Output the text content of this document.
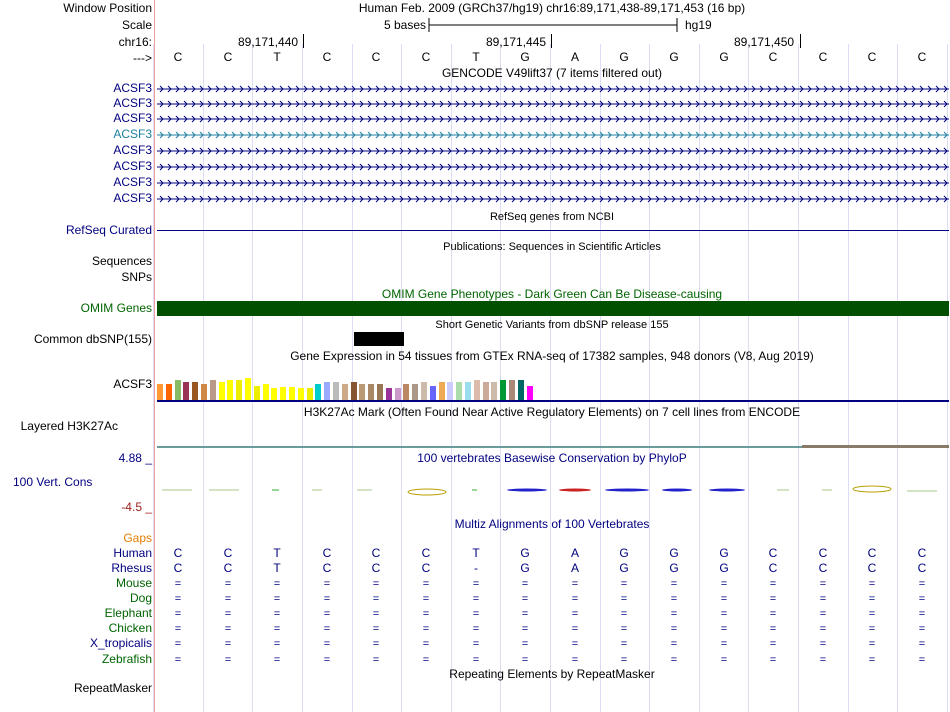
Window Position	Human Feb. 2009 (GRCh37/hg19) chr16:89,171,438-89,171,453 (16 bp)
Scale	5 bases	hg19
chr16:	89,171,440	89,171,445	89,171,450
--->	C	C	T	C	C	C	T	G	A	G	G	G	C	C	C	C
GENCODE V49lift37 (7 items filtered out)
ACSF3
ACSF3
ACSF3
ACSF3
ACSF3
ACSF3
ACSF3
ACSF3
RefSeq genes from NCBI
RefSeq Curated
Publications: Sequences in Scientific Articles
Sequences
SNPs
OMIM Gene Phenotypes - Dark Green Can Be Disease-causing
OMIM Genes
Short Genetic Variants from dbSNP release 155
Common dbSNP(155)
Gene Expression in 54 tissues from GTEx RNA-seq of 17382 samples, 948 donors (V8, Aug 2019)
ACSF3
H3K27Ac Mark (Often Found Near Active Regulatory Elements) on 7 cell lines from ENCODE
Layered H3K27Ac
4.88 _	100 vertebrates Basewise Conservation by PhyloP
100 Vert. Cons
-4.5 _
Multiz Alignments of 100 Vertebrates
Gaps
Human	C	C	T	C	C	C	T	G	A	G	G	G	C	C	C	C
Rhesus	C	C	T	C	C	C	-	G	A	G	G	G	C	C	C	C
Mouse	=	=	=	=	=	=	=	=	=	=	=	=	=	=	=	=
Dog	=	=	=	=	=	=	=	=	=	=	=	=	=	=	=	=
Elephant	=	=	=	=	=	=	=	=	=	=	=	=	=	=	=	=
Chicken	=	=	=	=	=	=	=	=	=	=	=	=	=	=	=	=
X_tropicalis	=	=	=	=	=	=	=	=	=	=	=	=	=	=	=	=
Zebrafish	=	=	=	=	=	=	=	=	=	=	=	=	=	=	=	=
Repeating Elements by RepeatMasker
RepeatMasker
